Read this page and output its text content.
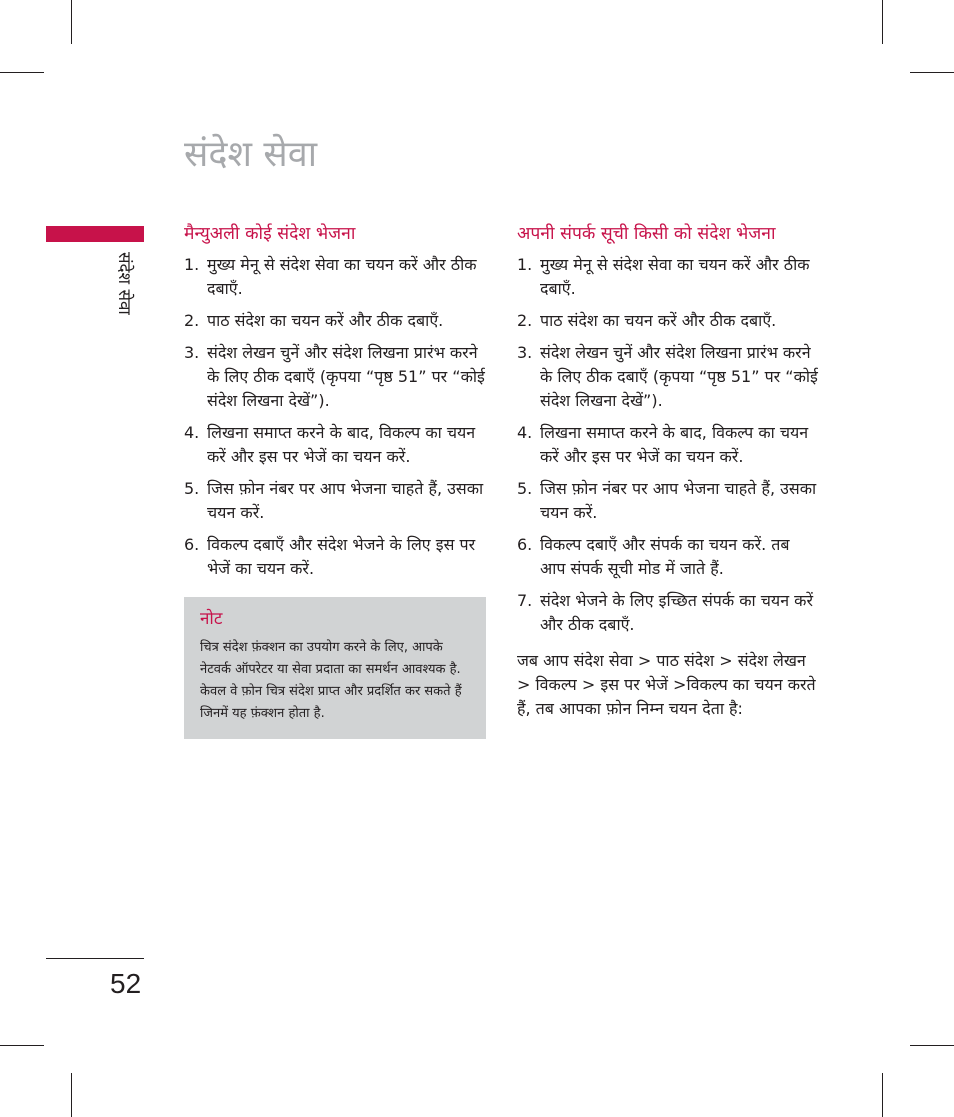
संदेश सेवा
संदेश सेवा
52
मैन्युअली कोई संदेश भेजना
1. मुख्य मेनू से संदेश सेवा का चयन करें और ठीक दबाएँ.
2. पाठ संदेश का चयन करें और ठीक दबाएँ.
3. संदेश लेखन चुनें और संदेश लिखना प्रारंभ करने के लिए ठीक दबाएँ (कृपया “पृष्ठ 51” पर “कोई संदेश लिखना देखें”).
4. लिखना समाप्त करने के बाद, विकल्प का चयन करें और इस पर भेजें का चयन करें.
5. जिस फ़ोन नंबर पर आप भेजना चाहते हैं, उसका चयन करें.
6. विकल्प दबाएँ और संदेश भेजने के लिए इस पर भेजें का चयन करें.
नोट
चित्र संदेश फ़ंक्शन का उपयोग करने के लिए, आपके नेटवर्क ऑपरेटर या सेवा प्रदाता का समर्थन आवश्यक है. केवल वे फ़ोन चित्र संदेश प्राप्त और प्रदर्शित कर सकते हैं जिनमें यह फ़ंक्शन होता है.
अपनी संपर्क सूची किसी को संदेश भेजना
1. मुख्य मेनू से संदेश सेवा का चयन करें और ठीक दबाएँ.
2. पाठ संदेश का चयन करें और ठीक दबाएँ.
3. संदेश लेखन चुनें और संदेश लिखना प्रारंभ करने के लिए ठीक दबाएँ (कृपया “पृष्ठ 51” पर “कोई संदेश लिखना देखें”).
4. लिखना समाप्त करने के बाद, विकल्प का चयन करें और इस पर भेजें का चयन करें.
5. जिस फ़ोन नंबर पर आप भेजना चाहते हैं, उसका चयन करें.
6. विकल्प दबाएँ और संपर्क का चयन करें. तब आप संपर्क सूची मोड में जाते हैं.
7. संदेश भेजने के लिए इच्छित संपर्क का चयन करें और ठीक दबाएँ.
जब आप संदेश सेवा > पाठ संदेश > संदेश लेखन > विकल्प > इस पर भेजें >विकल्प का चयन करते हैं, तब आपका फ़ोन निम्न चयन देता है:
